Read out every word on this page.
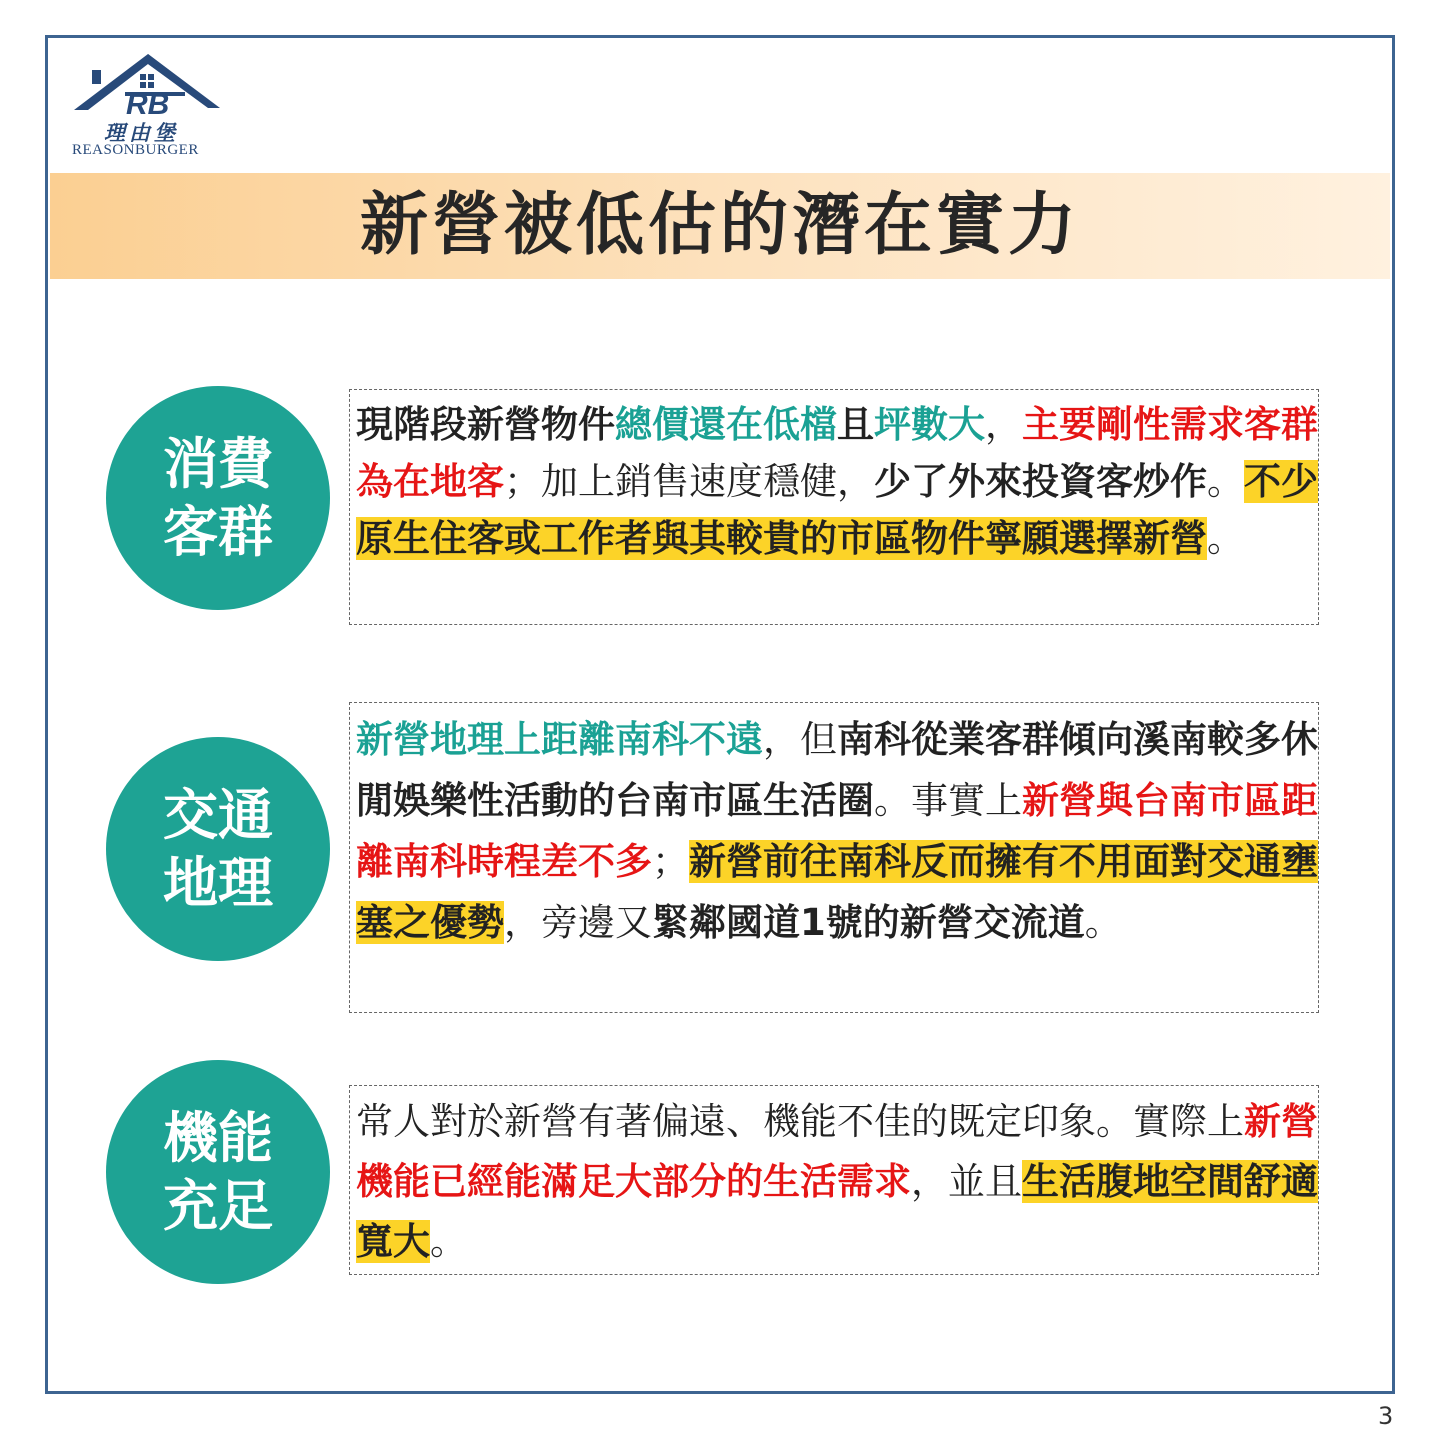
RB
理由堡
REASONBURGER
新營被低估的潛在實力
消費
客群

現階段新營物件總價還在低檔且坪數大，主要剛性需求客群為在地客；加上銷售速度穩健，少了外來投資客炒作。不少原生住客或工作者與其較貴的市區物件寧願選擇新營。

交通
地理

新營地理上距離南科不遠，但南科從業客群傾向溪南較多休閒娛樂性活動的台南市區生活圈。事實上新營與台南市區距離南科時程差不多；新營前往南科反而擁有不用面對交通壅塞之優勢，旁邊又緊鄰國道1號的新營交流道。

機能
充足

常人對於新營有著偏遠、機能不佳的既定印象。實際上新營機能已經能滿足大部分的生活需求，並且生活腹地空間舒適寬大。

3
